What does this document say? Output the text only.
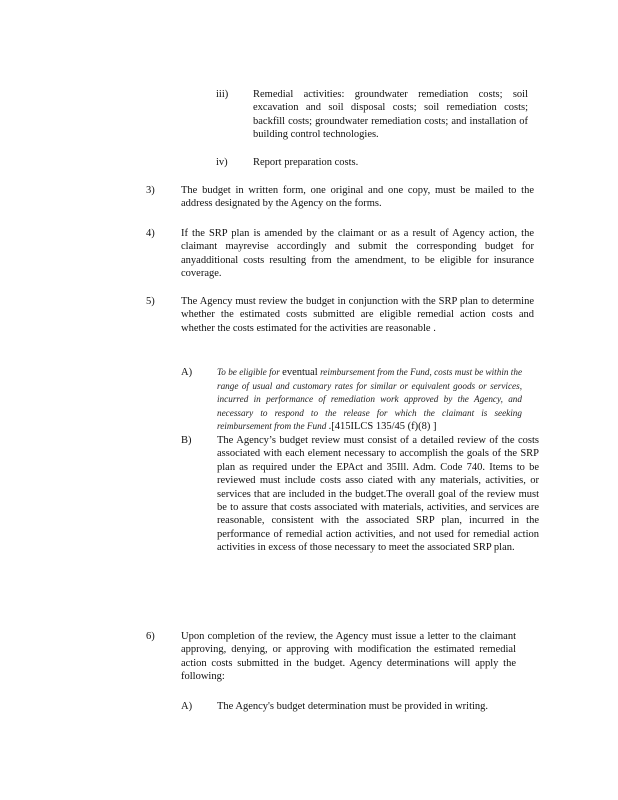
iii) Remedial activities: groundwater remediation costs; soil excavation and soil disposal costs; soil remediation costs; backfill costs; groundwater remediation costs; and installation of building control technologies.
iv) Report preparation costs.
3)	The budget in written form, one original and one copy, must be mailed to the address designated by the Agency on the forms.
4)	If the SRP plan is amended by the claimant or as a result of Agency action, the claimant mayrevise accordingly and submit the corresponding budget for anyadditional costs resulting from the amendment, to be eligible for insurance coverage.
5)	The Agency must review the budget in conjunction with the SRP plan to determine whether the estimated costs submitted are eligible remedial action costs and whether the costs estimated for the activities are reasonable .
A)	To be eligible for eventual reimbursement from the Fund, costs must be within the range of usual and customary rates for similar or equivalent goods or services, incurred in performance of remediation work approved by the Agency, and necessary to respond to the release for which the claimant is seeking reimbursement from the Fund .[415ILCS 135/45 (f)(8) ]
B) The Agency’s budget review must consist of a detailed review of the costs associated with each element necessary to accomplish the goals of the SRP plan as required under the EPAct and 35Ill. Adm. Code 740. Items to be reviewed must include costs asso ciated with any materials, activities, or services that are included in the budget.The overall goal of the review must be to assure that costs associated with materials, activities, and services are reasonable, consistent with the associated SRP plan, incurred in the performance of remedial action activities, and not used for remedial action activities in excess of those necessary to meet the associated SRP plan.
6)	Upon completion of the review, the Agency must issue a letter to the claimant approving, denying, or approving with modification the estimated remedial action costs submitted in the budget. Agency determinations will apply the following:
A) The Agency's budget determination must be provided in writing.
